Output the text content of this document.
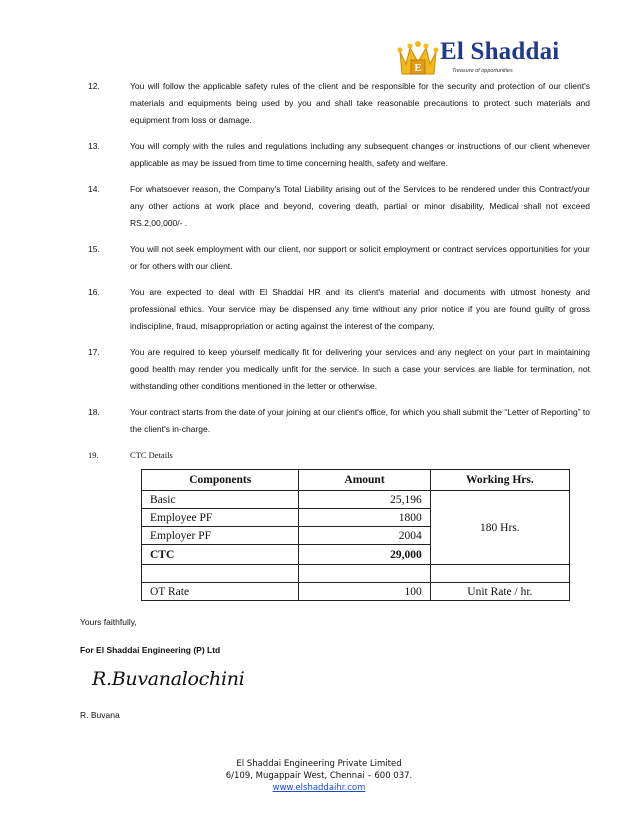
E
El Shaddai
Treasure of opportunities
12.	You will follow the applicable safety rules of the client and be responsible for the security and protection of our client's materials and equipments being used by you and shall take reasonable precautions to protect such materials and equipment from loss or damage.
13.	You will comply with the rules and regulations including any subsequent changes or instructions of our client whenever applicable as may be issued from time to time concerning health, safety and welfare.
14.	For whatsoever reason, the Company's Total Liability arising out of the Services to be rendered under this Contract/your any other actions at work place and beyond, covering death, partial or minor disability, Medical shall not exceed RS.2,00,000/- .
15.	You will not seek employment with our client, nor support or solicit employment or contract services opportunities for your or for others with our client.
16.	You are expected to deal with El Shaddai HR and its client's material and documents with utmost honesty and professional ethics. Your service may be dispensed any time without any prior notice if you are found guilty of gross indiscipline, fraud, misappropriation or acting against the interest of the company.
17.	You are required to keep yourself medically fit for delivering your services and any neglect on your part in maintaining good health may render you medically unfit for the service. In such a case your services are liable for termination, not withstanding other conditions mentioned in the letter or otherwise.
18.	Your contract starts from the date of your joining at our client's office, for which you shall submit the “Letter of Reporting” to the client's in-charge.
19.	CTC Details
Components	Amount	Working Hrs.
Basic	25,196	180 Hrs.
Employee PF	1800	
Employer PF	2004	
CTC	29,000	

OT Rate	100	Unit Rate / hr.
Yours faithfully,
For El Shaddai Engineering (P) Ltd
R.Buvanalochini
R. Buvana
El Shaddai Engineering Private Limited
6/109, Mugappair West, Chennai – 600 037.
www.elshaddaihr.com
